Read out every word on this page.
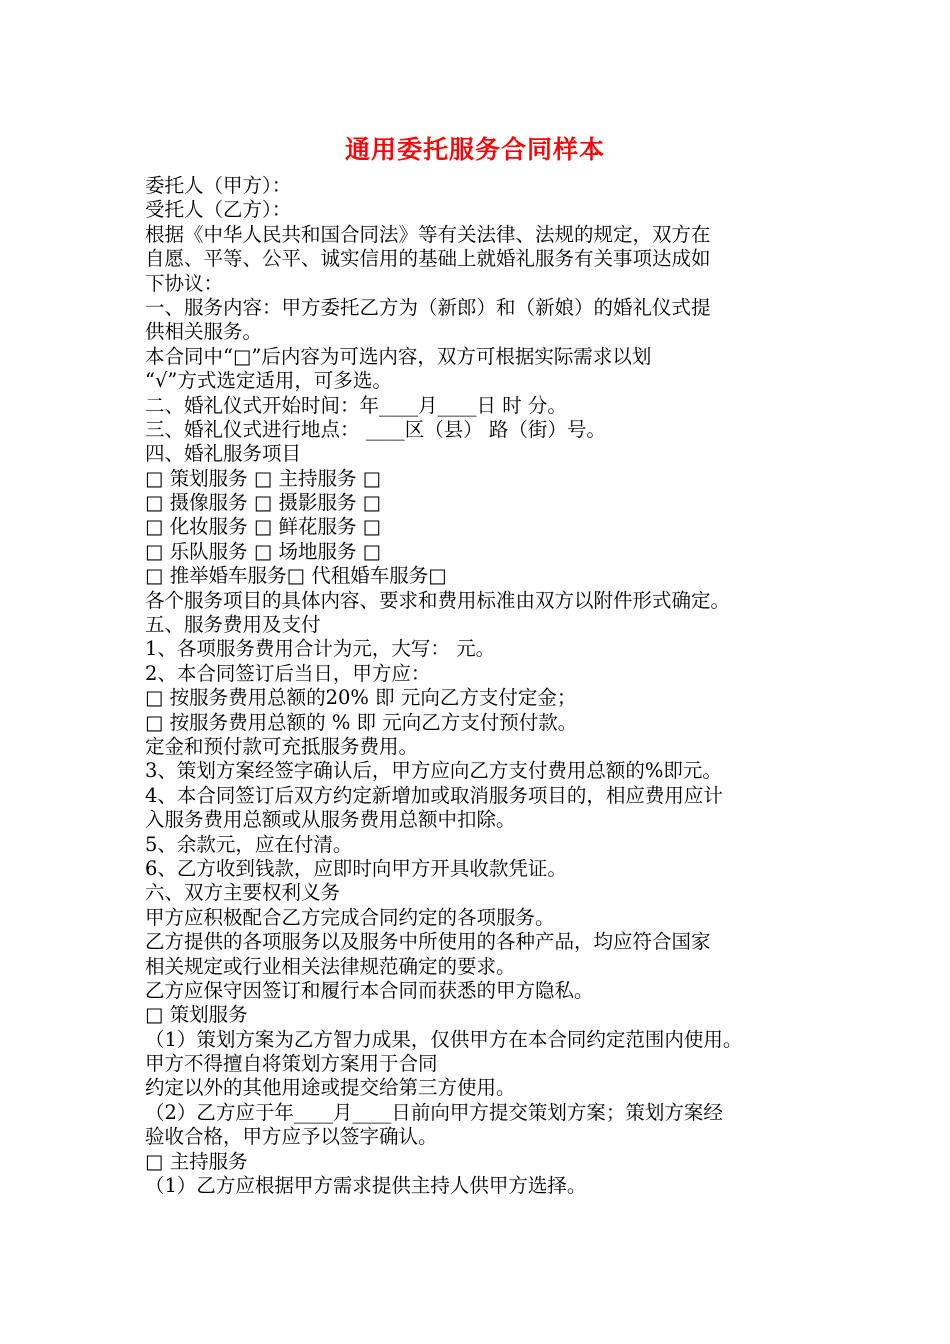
通用委托服务合同样本
委托人（甲方）：
受托人（乙方）：
根据《中华人民共和国合同法》等有关法律、法规的规定，双方在
自愿、平等、公平、诚实信用的基础上就婚礼服务有关事项达成如
下协议：
一、服务内容：甲方委托乙方为（新郎）和（新娘）的婚礼仪式提
供相关服务。
本合同中“□”后内容为可选内容，双方可根据实际需求以划
“√”方式选定适用，可多选。
二、婚礼仪式开始时间：年____月____日 时 分。
三、婚礼仪式进行地点： ____区（县） 路（街）号。
四、婚礼服务项目
□ 策划服务 □ 主持服务 □
□ 摄像服务 □ 摄影服务 □
□ 化妆服务 □ 鲜花服务 □
□ 乐队服务 □ 场地服务 □
□ 推举婚车服务□ 代租婚车服务□
各个服务项目的具体内容、要求和费用标准由双方以附件形式确定。
五、服务费用及支付
1、各项服务费用合计为元，大写： 元。
2、本合同签订后当日，甲方应：
□ 按服务费用总额的20% 即 元向乙方支付定金；
□ 按服务费用总额的 % 即 元向乙方支付预付款。
定金和预付款可充抵服务费用。
3、策划方案经签字确认后，甲方应向乙方支付费用总额的%即元。
4、本合同签订后双方约定新增加或取消服务项目的，相应费用应计
入服务费用总额或从服务费用总额中扣除。
5、余款元，应在付清。
6、乙方收到钱款，应即时向甲方开具收款凭证。
六、双方主要权利义务
甲方应积极配合乙方完成合同约定的各项服务。
乙方提供的各项服务以及服务中所使用的各种产品，均应符合国家
相关规定或行业相关法律规范确定的要求。
乙方应保守因签订和履行本合同而获悉的甲方隐私。
□ 策划服务
（1）策划方案为乙方智力成果，仅供甲方在本合同约定范围内使用。
甲方不得擅自将策划方案用于合同
约定以外的其他用途或提交给第三方使用。
（2）乙方应于年____月____日前向甲方提交策划方案；策划方案经
验收合格，甲方应予以签字确认。
□ 主持服务
（1）乙方应根据甲方需求提供主持人供甲方选择。
